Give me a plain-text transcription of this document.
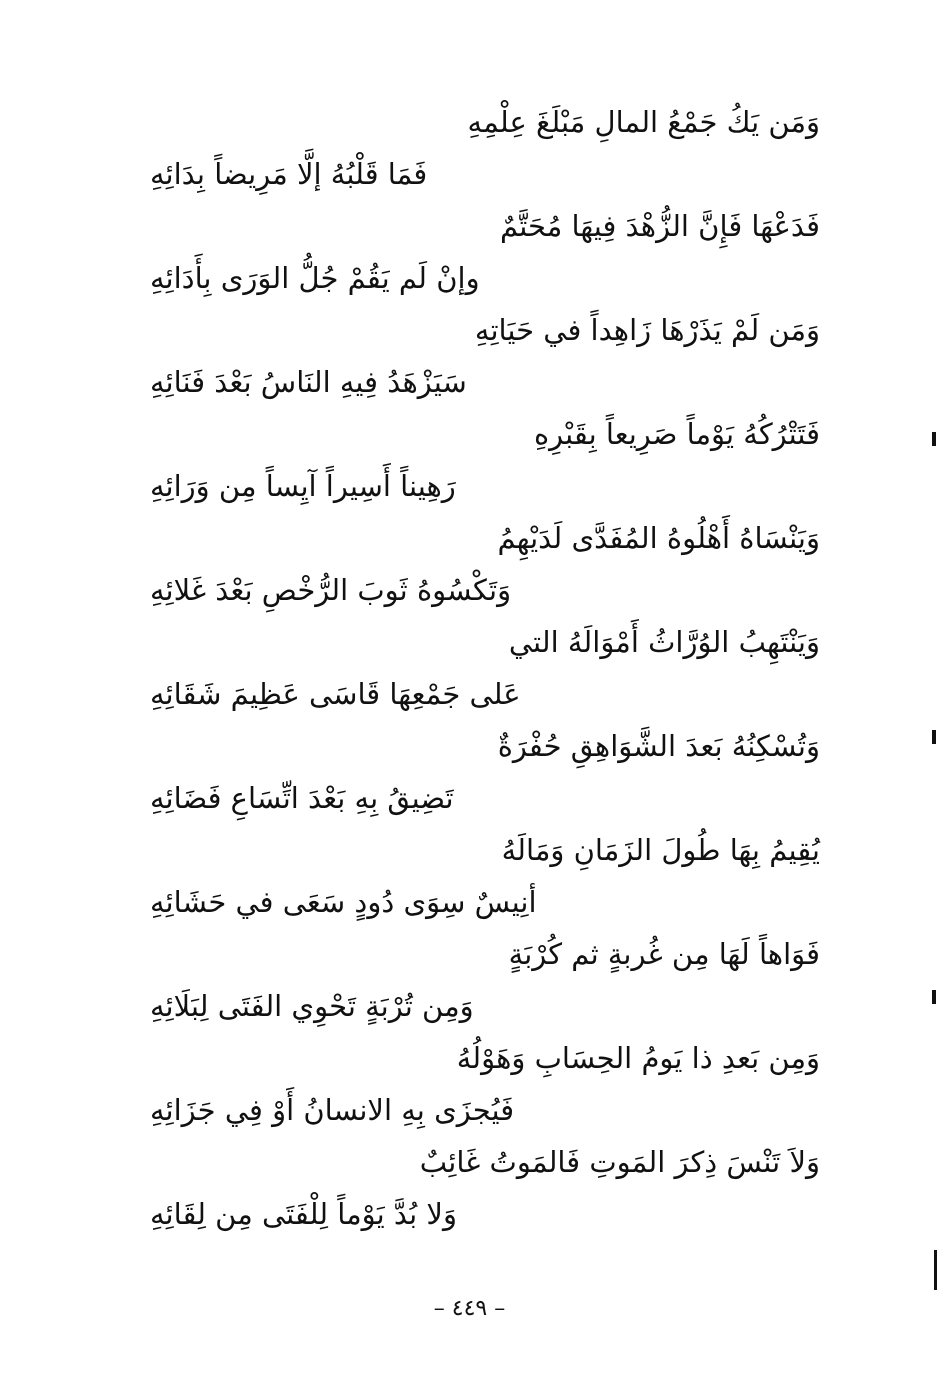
وَمَن يَكُ جَمْعُ المالِ مَبْلَغَ عِلْمِهِ
فَمَا قَلْبُهُ إلَّا مَرِيضاً بِدَائِهِ
فَدَعْهَا فَإِنَّ الزُّهْدَ فِيهَا مُحَتَّمٌ
وإنْ لَم يَقُمْ جُلُّ الوَرَى بِأَدَائِهِ
وَمَن لَمْ يَذَرْهَا زَاهِداً في حَيَاتِهِ
سَيَزْهَدُ فِيهِ النَاسُ بَعْدَ فَنَائِهِ
فَتَتْرُكُهُ يَوْماً صَرِيعاً بِقَبْرِهِ
رَهِيناً أَسِيراً آيِساً مِن وَرَائِهِ
وَيَنْسَاهُ أَهْلُوهُ المُفَدَّى لَدَيْهِمُ
وَتَكْسُوهُ ثَوبَ الرُّخْصِ بَعْدَ غَلائِهِ
وَيَنْتَهِبُ الوُرَّاثُ أَمْوَالَهُ التي
عَلى جَمْعِهَا قَاسَى عَظِيمَ شَقَائِهِ
وَتُسْكِنُهُ بَعدَ الشَّوَاهِقِ حُفْرَةٌ
تَضِيقُ بِهِ بَعْدَ اتِّسَاعِ فَضَائِهِ
يُقِيمُ بِهَا طُولَ الزَمَانِ وَمَالَهُ
أنِيسٌ سِوَى دُودٍ سَعَى في حَشَائِهِ
فَوَاهاً لَهَا مِن غُربةٍ ثم كُرْبَةٍ
وَمِن تُرْبَةٍ تَحْوِي الفَتَى لِبَلَائِهِ
وَمِن بَعدِ ذا يَومُ الحِسَابِ وَهَوْلُهُ
فَيُجزَى بِهِ الانسانُ أَوْ فِي جَزَائِهِ
وَلاَ تَنْسَ ذِكرَ المَوتِ فَالمَوتُ غَائِبٌ
وَلا بُدَّ يَوْماً لِلْفَتَى مِن لِقَائِهِ
– ٤٤٩ –
